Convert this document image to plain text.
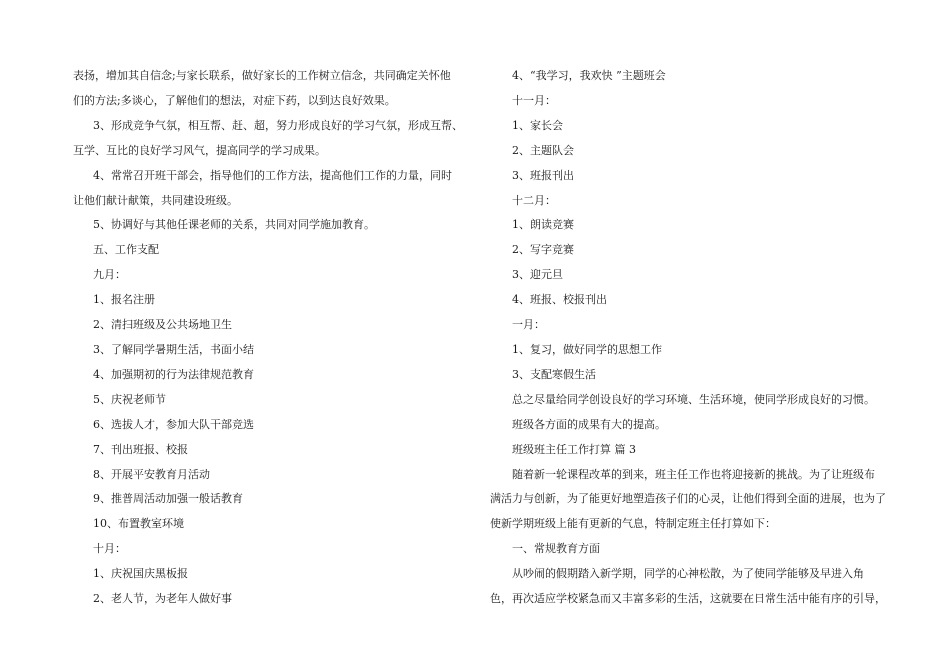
表扬，增加其自信念;与家长联系，做好家长的工作树立信念，共同确定关怀他

们的方法;多谈心，了解他们的想法，对症下药，以到达良好效果。

3、形成竞争气氛，相互帮、赶、超，努力形成良好的学习气氛，形成互帮、

互学、互比的良好学习风气，提高同学的学习成果。

4、常常召开班干部会，指导他们的工作方法，提高他们工作的力量，同时

让他们献计献策，共同建设班级。

5、协调好与其他任课老师的关系，共同对同学施加教育。

五、工作支配

九月：

1、报名注册

2、清扫班级及公共场地卫生

3、了解同学暑期生活，书面小结

4、加强期初的行为法律规范教育

5、庆祝老师节

6、选拔人才，参加大队干部竞选

7、刊出班报、校报

8、开展平安教育月活动

9、推普周活动加强一般话教育

10、布置教室环境

十月：

1、庆祝国庆黑板报

2、老人节，为老年人做好事

4、“我学习，我欢快 ”主题班会

十一月：

1、家长会

2、主题队会

3、班报刊出

十二月：

1、朗读竞赛

2、写字竞赛

3、迎元旦

4、班报、校报刊出

一月：

1、复习，做好同学的思想工作

3、支配寒假生活

总之尽量给同学创设良好的学习环境、生活环境，使同学形成良好的习惯。

班级各方面的成果有大的提高。

班级班主任工作打算 篇 3

随着新一轮课程改革的到来，班主任工作也将迎接新的挑战。为了让班级布

满活力与创新，为了能更好地塑造孩子们的心灵，让他们得到全面的进展，也为了

使新学期班级上能有更新的气息，特制定班主任打算如下：

一、常规教育方面

从吵闹的假期踏入新学期，同学的心神松散，为了使同学能够及早进入角

色，再次适应学校紧急而又丰富多彩的生活，这就要在日常生活中能有序的引导，
